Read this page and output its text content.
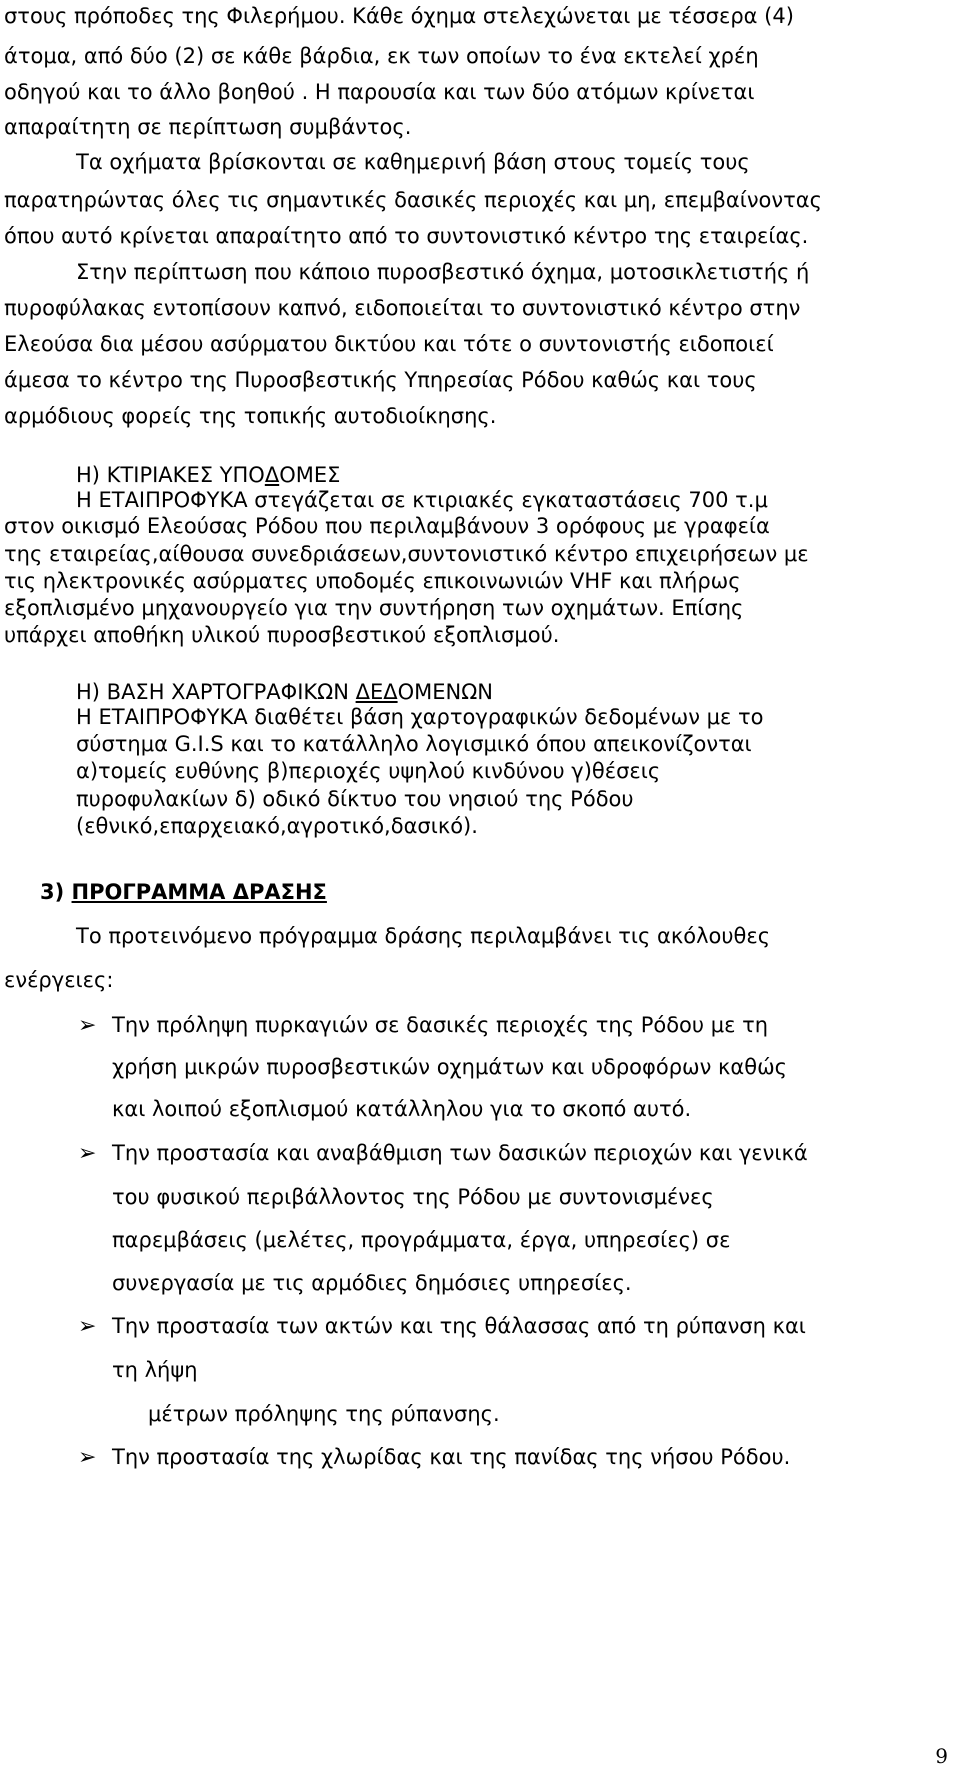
στους πρόποδες της Φιλερήμου. Κάθε όχημα στελεχώνεται με τέσσερα (4)
άτομα, από δύο (2) σε κάθε βάρδια, εκ των οποίων το ένα εκτελεί χρέη
οδηγού και το άλλο βοηθού . Η παρουσία και των δύο ατόμων κρίνεται
απαραίτητη σε περίπτωση συμβάντος.
Τα οχήματα βρίσκονται σε καθημερινή βάση στους τομείς τους
παρατηρώντας όλες τις σημαντικές δασικές περιοχές και μη, επεμβαίνοντας
όπου αυτό κρίνεται απαραίτητο από το συντονιστικό κέντρο της εταιρείας.
Στην περίπτωση που κάποιο πυροσβεστικό όχημα, μοτοσικλετιστής ή
πυροφύλακας εντοπίσουν καπνό, ειδοποιείται το συντονιστικό κέντρο στην
Ελεούσα δια μέσου ασύρματου δικτύου και τότε ο συντονιστής ειδοποιεί
άμεσα το κέντρο της Πυροσβεστικής Υπηρεσίας Ρόδου καθώς και τους
αρμόδιους φορείς της τοπικής αυτοδιοίκησης.
Η) ΚΤΙΡΙΑΚΕΣ ΥΠΟΔΟΜΕΣ
Η ΕΤΑΙΠΡΟΦΥΚΑ στεγάζεται σε κτιριακές εγκαταστάσεις 700 τ.μ
στον οικισμό Ελεούσας Ρόδου που περιλαμβάνουν 3 ορόφους με γραφεία
της εταιρείας,αίθουσα συνεδριάσεων,συντονιστικό κέντρο επιχειρήσεων με
τις ηλεκτρονικές ασύρματες υποδομές επικοινωνιών VHF και πλήρως
εξοπλισμένο μηχανουργείο για την συντήρηση των οχημάτων. Επίσης
υπάρχει αποθήκη υλικού πυροσβεστικού εξοπλισμού.
Η) ΒΑΣΗ ΧΑΡΤΟΓΡΑΦΙΚΩΝ ΔΕΔΟΜΕΝΩΝ
Η ΕΤΑΙΠΡΟΦΥΚΑ διαθέτει βάση χαρτογραφικών δεδομένων με το
σύστημα G.I.S και το κατάλληλο λογισμικό όπου απεικονίζονται
α)τομείς ευθύνης β)περιοχές υψηλού κινδύνου γ)θέσεις
πυροφυλακίων δ) οδικό δίκτυο του νησιού της Ρόδου
(εθνικό,επαρχειακό,αγροτικό,δασικό).
3) ΠΡΟΓΡΑΜΜΑ ΔΡΑΣΗΣ
Το προτεινόμενο πρόγραμμα δράσης περιλαμβάνει τις ακόλουθες
ενέργειες:
➢ Την πρόληψη πυρκαγιών σε δασικές περιοχές της Ρόδου με τη
χρήση μικρών πυροσβεστικών οχημάτων και υδροφόρων καθώς
και λοιπού εξοπλισμού κατάλληλου για το σκοπό αυτό.
➢ Την προστασία και αναβάθμιση των δασικών περιοχών και γενικά
του φυσικού περιβάλλοντος της Ρόδου με συντονισμένες
παρεμβάσεις (μελέτες, προγράμματα, έργα, υπηρεσίες) σε
συνεργασία με τις αρμόδιες δημόσιες υπηρεσίες.
➢ Την προστασία των ακτών και της θάλασσας από τη ρύπανση και
τη λήψη
μέτρων πρόληψης της ρύπανσης.
➢ Την προστασία της χλωρίδας και της πανίδας της νήσου Ρόδου.
9
